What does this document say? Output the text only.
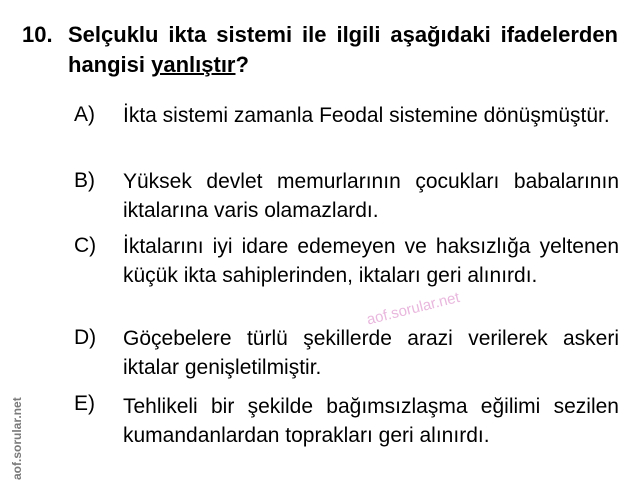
10. Selçuklu ikta sistemi ile ilgili aşağıdaki ifadelerden hangisi yanlıştır?
A) İkta sistemi zamanla Feodal sistemine dönüşmüştür.
B) Yüksek devlet memurlarının çocukları babalarının iktalarına varis olamazlardı.
C) İktalarını iyi idare edemeyen ve haksızlığa yeltenen küçük ikta sahiplerinden, iktaları geri alınırdı.
D) Göçebelere türlü şekillerde arazi verilerek askeri iktalar genişletilmiştir.
E) Tehlikeli bir şekilde bağımsızlaşma eğilimi sezilen kumandanlardan toprakları geri alınırdı.
aof.sorular.net
aof.sorular.net
